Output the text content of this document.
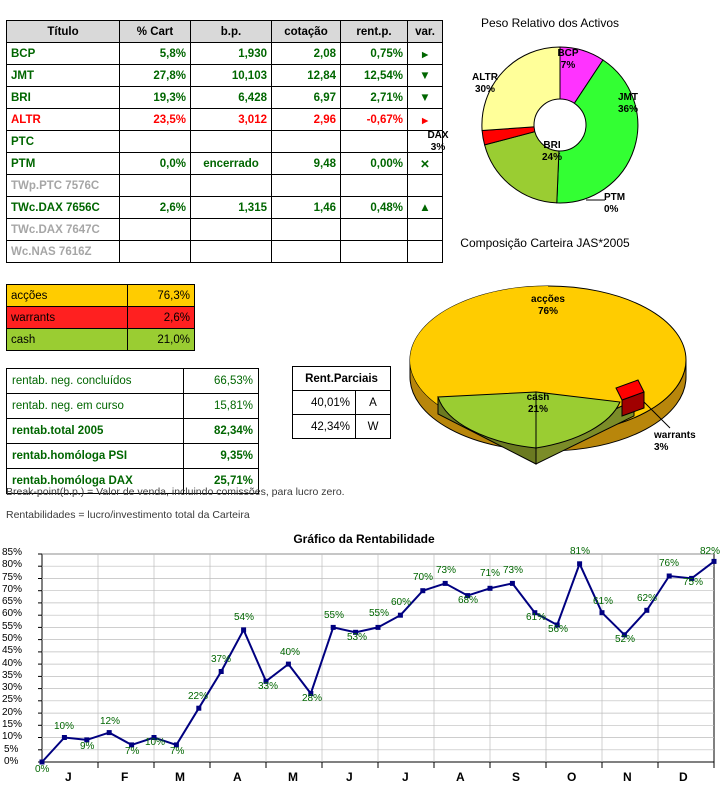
Título	% Cart	b.p.	cotação	rent.p.	var.
BCP	5,8%	1,930	2,08	0,75%	▸
JMT	27,8%	10,103	12,84	12,54%	▼
BRI	19,3%	6,428	6,97	2,71%	▼
ALTR	23,5%	3,012	2,96	-0,67%	▸
PTC					
PTM	0,0%	encerrado	9,48	0,00%	✕
TWp.PTC 7576C					
TWc.DAX 7656C	2,6%	1,315	1,46	0,48%	▲
TWc.DAX 7647C					
Wc.NAS 7616Z					
acções	76,3%
warrants	2,6%
cash	21,0%
rentab. neg. concluídos	66,53%
rentab. neg. em curso	15,81%
rentab.total 2005	82,34%
rentab.homóloga PSI	9,35%
rentab.homóloga DAX	25,71%
Rent.Parciais	
40,01%	A
42,34%	W
Break-point(b.p.) = Valor de venda, incluindo comissões, para lucro zero.
Rentabilidades = lucro/investimento total da Carteira
Peso Relativo dos Activos
BCP
7%
JMT
36%
BRI
24%
PTM
0%
DAX
3%
ALTR
30%
Composição Carteira JAS*2005
acções
76%
cash
21%
warrants
3%
Gráfico da Rentabilidade
0%
5%
10%
15%
20%
25%
30%
35%
40%
45%
50%
55%
60%
65%
70%
75%
80%
85%
J	F	M	A	M	J	J	A	S	O	N	D
0%
10%
9%
12%
7%
10%
7%
22%
37%
54%
33%
40%
28%
55%
53%
55%
60%
70%
73%
68%
71% 73%
61%
56%
81%
61%
52%
62%
76%
75%
82%
